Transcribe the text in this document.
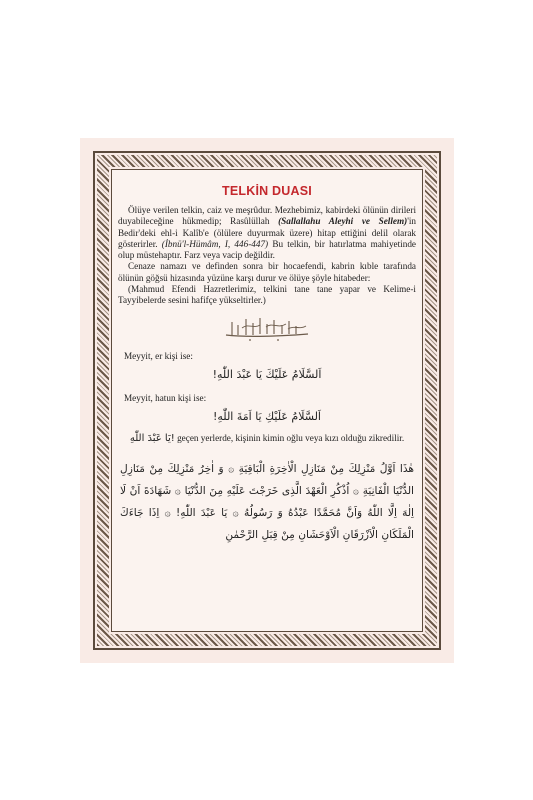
TELKİN DUASI

Ölüye verilen telkin, caiz ve meşrûdur. Mezhebimiz, kabirdeki ölünün dirileri duyabileceğine hükmedip; Rasûlüllah (Sallallahu Aleyhi ve Sellem)'in Bedir'deki ehl-i Kalîb'e (ölülere duyurmak üzere) hitap ettiğini delil olarak gösterirler. (İbnü'l-Hümâm, I, 446-447) Bu telkin, bir hatırlatma mahiyetinde olup müstehaptır. Farz veya vacip değildir.

Cenaze namazı ve definden sonra bir hocaefendi, kabrin kıble tarafında ölünün göğsü hizasında yüzüne karşı durur ve ölüye şöyle hitabeder:

(Mahmud Efendi Hazretlerimiz, telkini tane tane yapar ve Kelime-i Tayyibelerde sesini hafifçe yükseltirler.)

Meyyit, er kişi ise:
اَلسَّلَامُ عَلَيْكَ يَا عَبْدَ اللّٰهِ!
Meyyit, hatun kişi ise:
اَلسَّلَامُ عَلَيْكِ يَا اَمَةَ اللّٰهِ!
يَا عَبْدَ اللّٰهِ! geçen yerlerde, kişinin kimin oğlu veya kızı olduğu zikredilir.
هٰذَا اَوَّلُ مَنْزِلِكَ مِنْ مَنَازِلِ الْاٰخِرَةِ الْبَاقِيَةِ ۞ وَ اٰخِرُ مَنْزِلِكَ مِنْ مَنَازِلِ الدُّنْيَا الْفَانِيَةِ ۞ اُذْكُرِ الْعَهْدَ الَّذِى خَرَجْتَ عَلَيْهِ مِنَ الدُّنْيَا ۞ شَهَادَةَ اَنْ لَا اِلٰهَ اِلَّا اللّٰهُ وَاَنَّ مُحَمَّدًا عَبْدُهُ وَ رَسُولُهُ ۞ يَا عَبْدَ اللّٰهِ! ۞ اِذَا جَاءَكَ الْمَلَكَانِ الْاَزْرَقَانِ الْاَوْحَشَانِ مِنْ قِبَلِ الرَّحْمٰنِ
